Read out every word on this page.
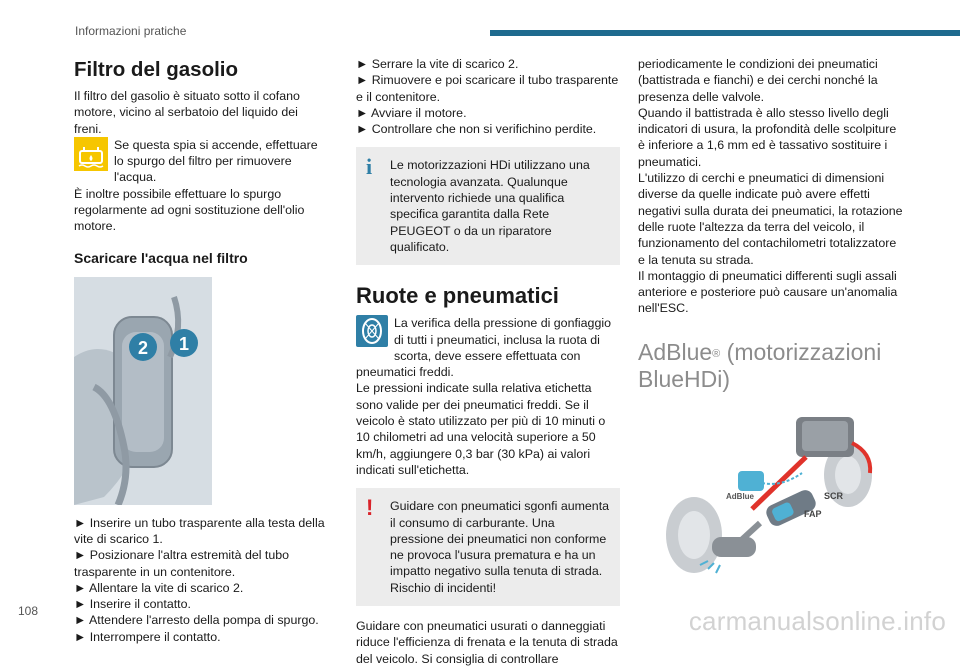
Informazioni pratiche
Filtro del gasolio

Il filtro del gasolio è situato sotto il cofano motore, vicino al serbatoio del liquido dei freni.

Se questa spia si accende, effettuare lo spurgo del filtro per rimuovere l'acqua.

È inoltre possibile effettuare lo spurgo regolarmente ad ogni sostituzione dell'olio motore.

Scaricare l'acqua nel filtro
2 1

► Inserire un tubo trasparente alla testa della vite di scarico 1.

► Posizionare l'altra estremità del tubo trasparente in un contenitore.

► Allentare la vite di scarico 2.

► Inserire il contatto.

► Attendere l'arresto della pompa di spurgo.

► Interrompere il contatto.

► Serrare la vite di scarico 2.

► Rimuovere e poi scaricare il tubo trasparente e il contenitore.

► Avviare il motore.

► Controllare che non si verifichino perdite.

i	Le motorizzazioni HDi utilizzano una tecnologia avanzata. Qualunque intervento richiede una qualifica specifica garantita dalla Rete PEUGEOT o da un riparatore qualificato.
Ruote e pneumatici

La verifica della pressione di gonfiaggio di tutti i pneumatici, inclusa la ruota di scorta, deve essere effettuata con pneumatici freddi.

Le pressioni indicate sulla relativa etichetta sono valide per dei pneumatici freddi. Se il veicolo è stato utilizzato per più di 10 minuti o 10 chilometri ad una velocità superiore a 50 km/h, aggiungere 0,3 bar (30 kPa) ai valori indicati sull'etichetta.

!	Guidare con pneumatici sgonfi aumenta il consumo di carburante. Una pressione dei pneumatici non conforme ne provoca l'usura prematura e ha un impatto negativo sulla tenuta di strada. Rischio di incidenti!

Guidare con pneumatici usurati o danneggiati riduce l'efficienza di frenata e la tenuta di strada del veicolo. Si consiglia di controllare

periodicamente le condizioni dei pneumatici (battistrada e fianchi) e dei cerchi nonché la presenza delle valvole.

Quando il battistrada è allo stesso livello degli indicatori di usura, la profondità delle scolpiture è inferiore a 1,6 mm ed è tassativo sostituire i pneumatici.

L'utilizzo di cerchi e pneumatici di dimensioni diverse da quelle indicate può avere effetti negativi sulla durata dei pneumatici, la rotazione delle ruote l'altezza da terra del veicolo, il funzionamento del contachilometri totalizzatore e la tenuta su strada.

Il montaggio di pneumatici differenti sugli assali anteriore e posteriore può causare un'anomalia nell'ESC.

AdBlue® (motorizzazioni BlueHDi)
AdBlue	SCR
FAP
108	carmanualsonline.info
